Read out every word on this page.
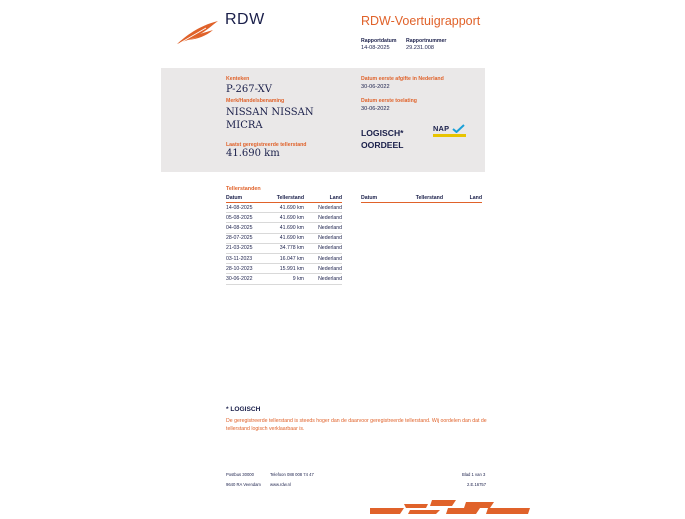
RDW	RDW-Voertuigrapport
Rapportdatum
14-08-2025
Rapportnummer
29.231.008
Kenteken
P-267-XV
Merk/Handelsbenaming
NISSAN NISSAN
MICRA
Laatst geregistreerde tellerstand
41.690 km
Datum eerste afgifte in Nederland
30-06-2022
Datum eerste toelating
30-06-2022
LOGISCH*
OORDEEL
NAP
Tellerstanden
Datum	Tellerstand	Land
14-08-2025	41.690 km	Nederland
05-08-2025	41.690 km	Nederland
04-08-2025	41.690 km	Nederland
28-07-2025	41.690 km	Nederland
21-03-2025	34.778 km	Nederland
03-11-2023	16.047 km	Nederland
28-10-2023	15.991 km	Nederland
30-06-2022	9 km	Nederland
Datum	Tellerstand	Land
* LOGISCH
De geregistreerde tellerstand is steeds hoger dan de daarvoor geregistreerde tellerstand. Wij oordelen dan dat de tellerstand logisch verklaarbaar is.
Postbus 30000
9640 RA Veendam
Telefoon 088 008 74 47
www.rdw.nl
Blad 1 van 3
2.E.16757
